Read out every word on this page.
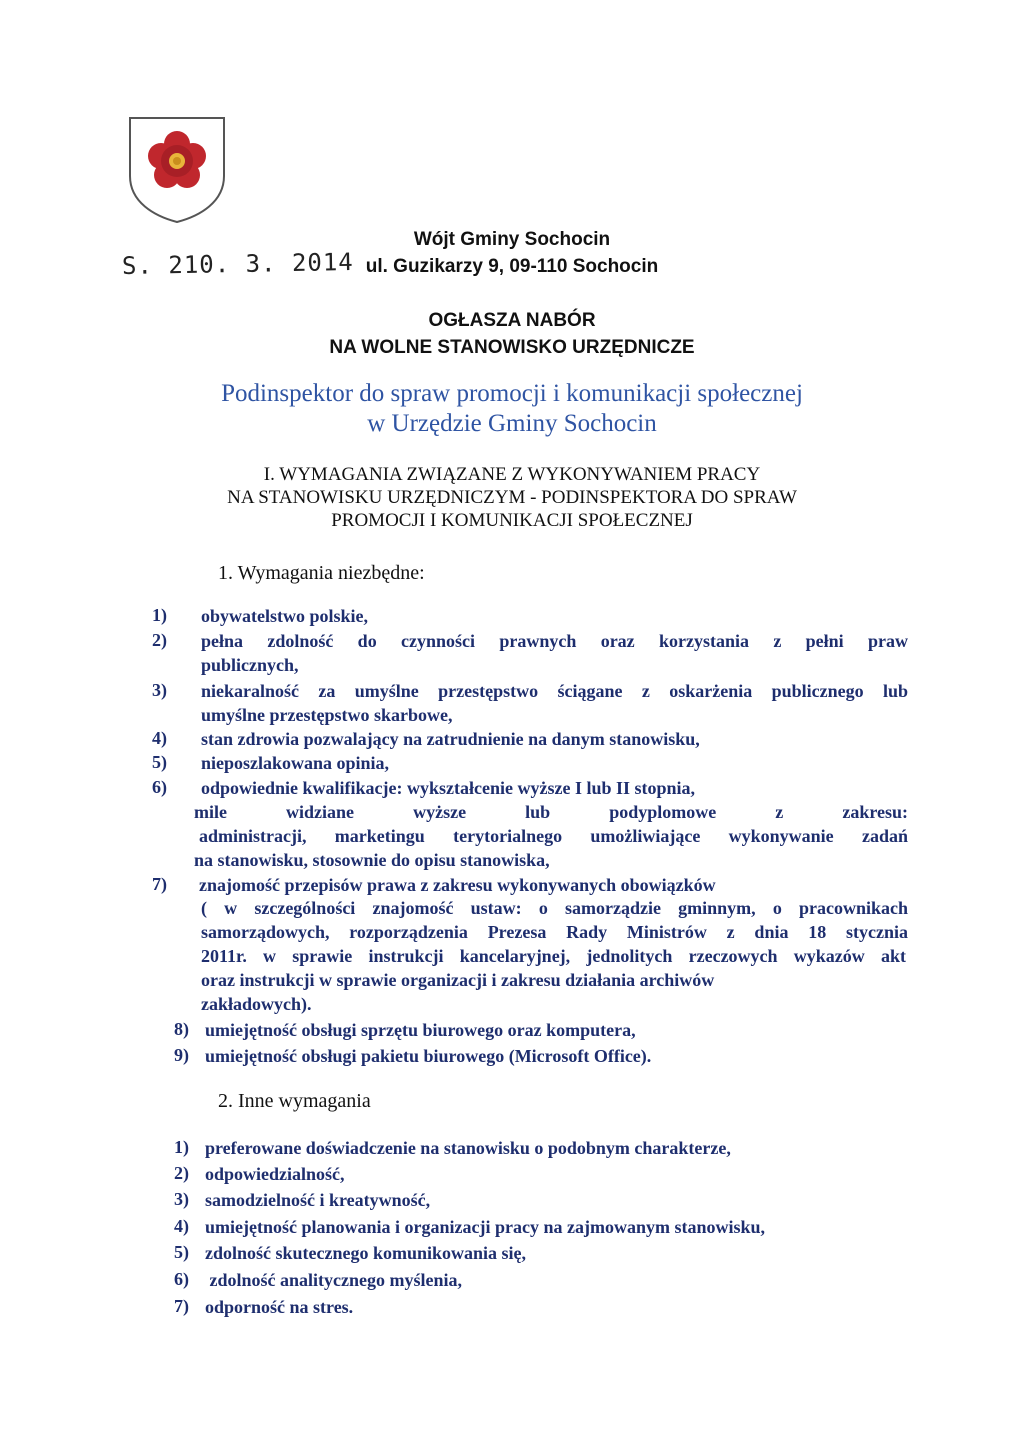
S. 210. 3. 2014
Wójt Gminy Sochocin
ul. Guzikarzy 9, 09-110 Sochocin
OGŁASZA NABÓR
NA WOLNE STANOWISKO URZĘDNICZE
Podinspektor do spraw promocji i komunikacji społecznej
w Urzędzie Gminy Sochocin
I. WYMAGANIA ZWIĄZANE Z WYKONYWANIEM PRACY
NA STANOWISKU URZĘDNICZYM - PODINSPEKTORA DO SPRAW
PROMOCJI I KOMUNIKACJI SPOŁECZNEJ
1. Wymagania niezbędne:
1) obywatelstwo polskie,
2) pełna zdolność do czynności prawnych oraz korzystania z pełni praw
publicznych,
3) niekaralność za umyślne przestępstwo ściągane z oskarżenia publicznego lub
umyślne przestępstwo skarbowe,
4) stan zdrowia pozwalający na zatrudnienie na danym stanowisku,
5) nieposzlakowana opinia,
6) odpowiednie kwalifikacje: wykształcenie wyższe I lub II stopnia,
mile widziane wyższe lub podyplomowe z zakresu:
administracji, marketingu terytorialnego umożliwiające wykonywanie zadań
na stanowisku, stosownie do opisu stanowiska,
7) znajomość przepisów prawa z zakresu wykonywanych obowiązków
( w szczególności znajomość ustaw: o samorządzie gminnym, o pracownikach
samorządowych, rozporządzenia Prezesa Rady Ministrów z dnia 18 stycznia
2011r. w sprawie instrukcji kancelaryjnej, jednolitych rzeczowych wykazów akt
oraz instrukcji w sprawie organizacji i zakresu działania archiwów
zakładowych).
8) umiejętność obsługi sprzętu biurowego oraz komputera,
9) umiejętność obsługi pakietu biurowego (Microsoft Office).
2. Inne wymagania
1) preferowane doświadczenie na stanowisku o podobnym charakterze,
2) odpowiedzialność,
3) samodzielność i kreatywność,
4) umiejętność planowania i organizacji pracy na zajmowanym stanowisku,
5) zdolność skutecznego komunikowania się,
6) zdolność analitycznego myślenia,
7) odporność na stres.
